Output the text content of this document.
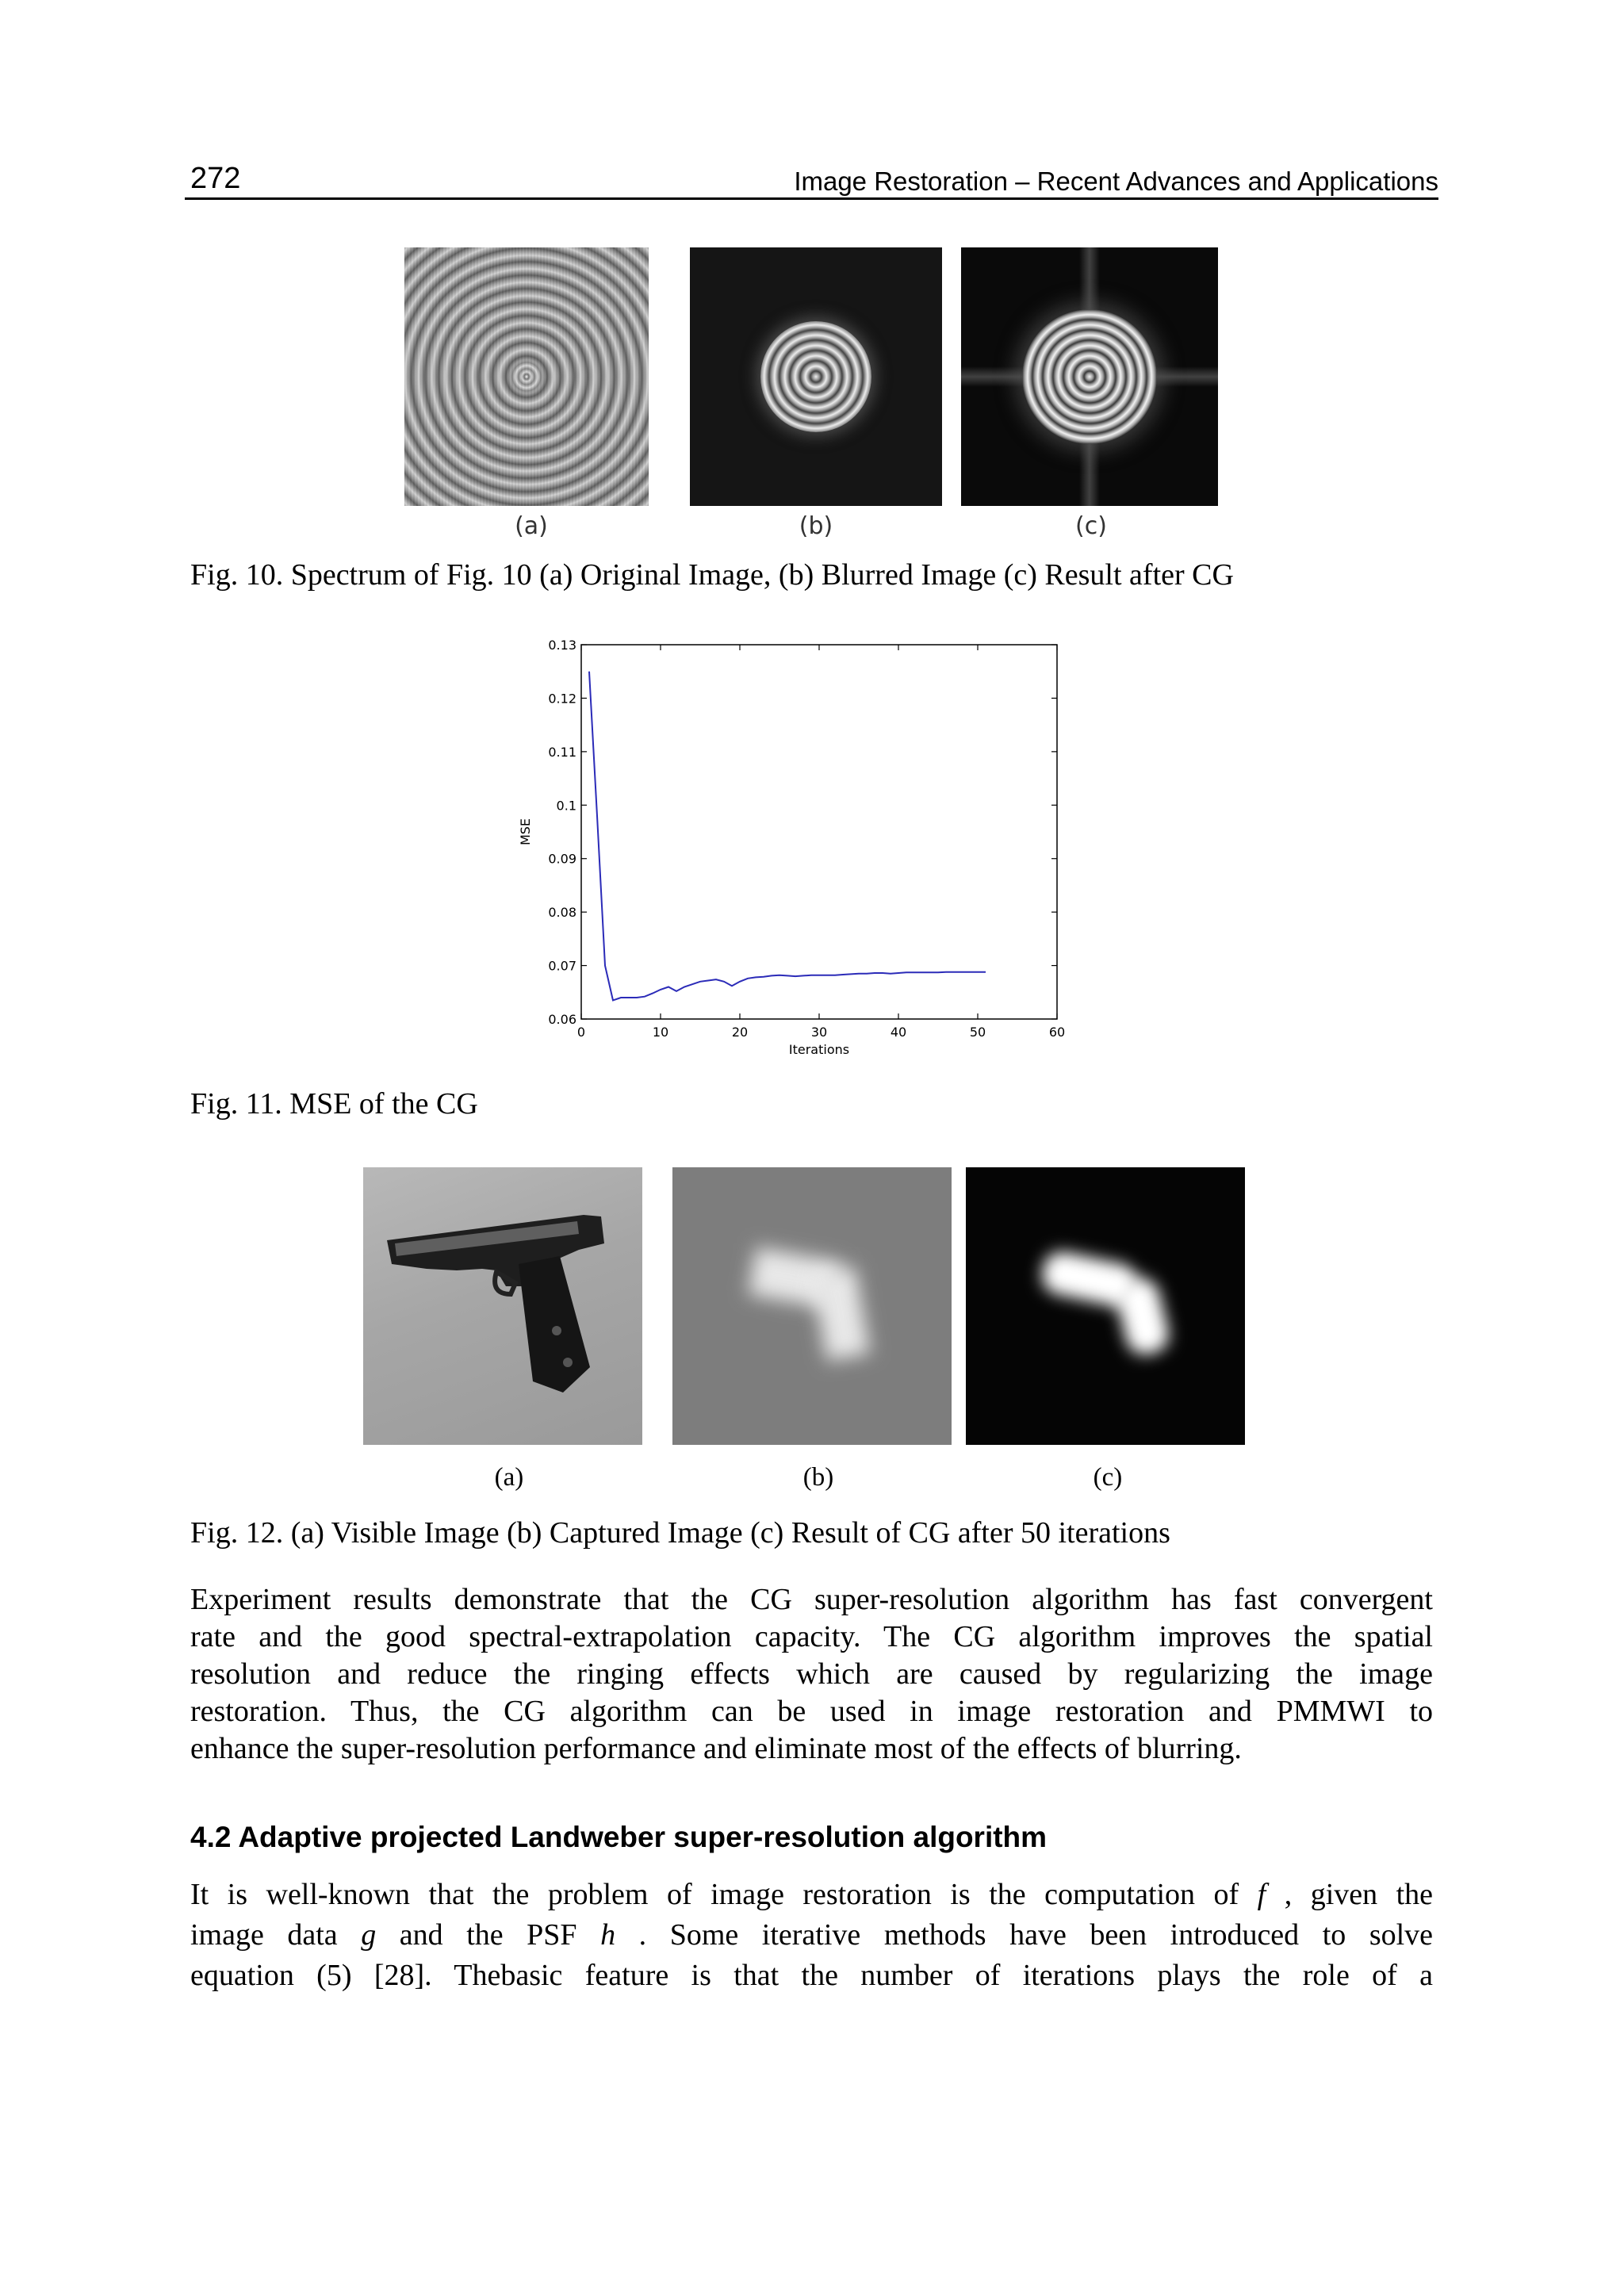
272	Image Restoration – Recent Advances and Applications
(a)	(b)	(c)
Fig. 10. Spectrum of Fig. 10 (a) Original Image, (b) Blurred Image (c) Result after CG
0	10	20	30	40	50	60
0.06
0.07
0.08
0.09
0.1
0.11
0.12
0.13
Iterations
MSE
Fig. 11. MSE of the CG
(a)	(b)	(c)
Fig. 12. (a) Visible Image (b) Captured Image (c) Result of CG after 50 iterations
Experiment results demonstrate that the CG super-resolution algorithm has fast convergent
rate and the good spectral-extrapolation capacity. The CG algorithm improves the spatial
resolution and reduce the ringing effects which are caused by regularizing the image
restoration. Thus, the CG algorithm can be used in image restoration and PMMWI to
enhance the super-resolution performance and eliminate most of the effects of blurring.
4.2 Adaptive projected Landweber super-resolution algorithm
It is well-known that the problem of image restoration is the computation of f , given the
image data g and the PSF h . Some iterative methods have been introduced to solve
equation (5) [28]. Thebasic feature is that the number of iterations plays the role of a
